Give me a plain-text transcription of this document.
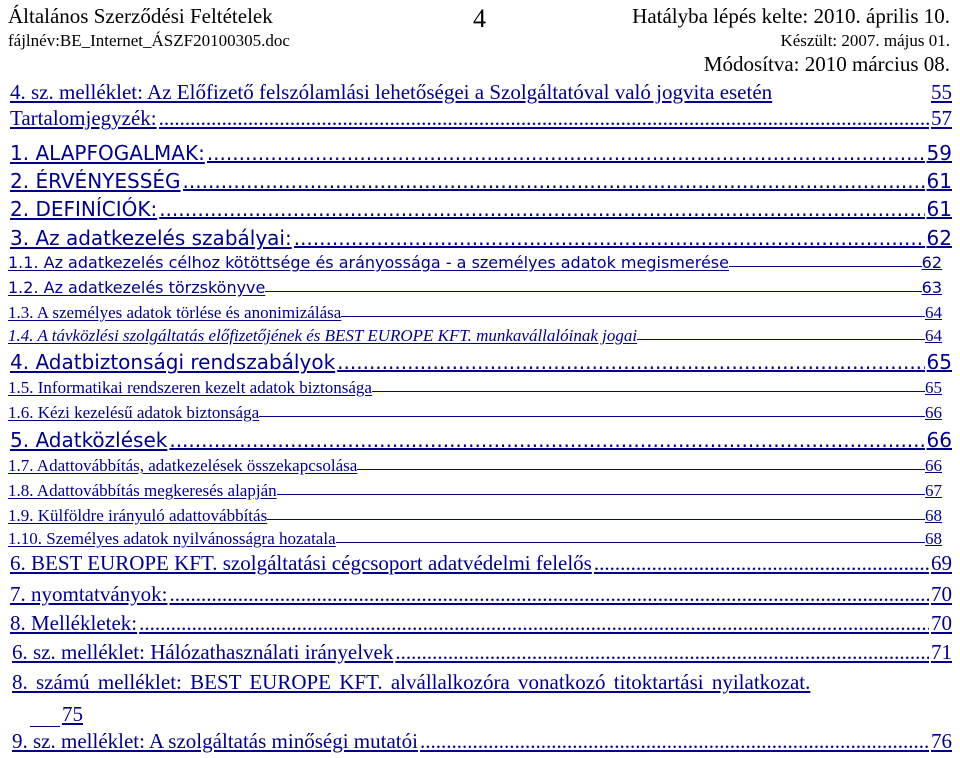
Általános Szerződési Feltételek
fájlnév:BE_Internet_ÁSZF20100305.doc
4	Hatályba lépés kelte: 2010. április 10.
Készült: 2007. május 01.
Módosítva: 2010 március 08.
4. sz. melléklet: Az Előfizető felszólamlási lehetőségei a Szolgáltatóval való jogvita esetén	55
Tartalomjegyzék: .....	57
1. ALAPFOGALMAK: .....	59
2. ÉRVÉNYESSÉG .....	61
2. DEFINÍCIÓK: .....	61
3. Az adatkezelés szabályai: .....	62
1.1. Az adatkezelés célhoz kötöttsége és arányossága - a személyes adatok megismerése	62
1.2. Az adatkezelés törzskönyve	63
1.3. A személyes adatok törlése és anonimizálása	64
1.4. A távközlési szolgáltatás előfizetőjének és BEST EUROPE KFT. munkavállalóinak jogai	64
4. Adatbiztonsági rendszabályok .....	65
1.5. Informatikai rendszeren kezelt adatok biztonsága	65
1.6. Kézi kezelésű adatok biztonsága	66
5. Adatközlések .....	66
1.7. Adattovábbítás, adatkezelések összekapcsolása	66
1.8. Adattovábbítás megkeresés alapján	67
1.9. Külföldre irányuló adattovábbítás	68
1.10. Személyes adatok nyilvánosságra hozatala	68
6. BEST EUROPE KFT. szolgáltatási cégcsoport adatvédelmi felelős .....	69
7. nyomtatványok: .....	70
8. Mellékletek: .....	70
6. sz. melléklet: Hálózathasználati irányelvek .....	71
8. számú melléklet: BEST EUROPE KFT. alvállalkozóra vonatkozó titoktartási nyilatkozat.
75
9. sz. melléklet: A szolgáltatás minőségi mutatói .....	76
